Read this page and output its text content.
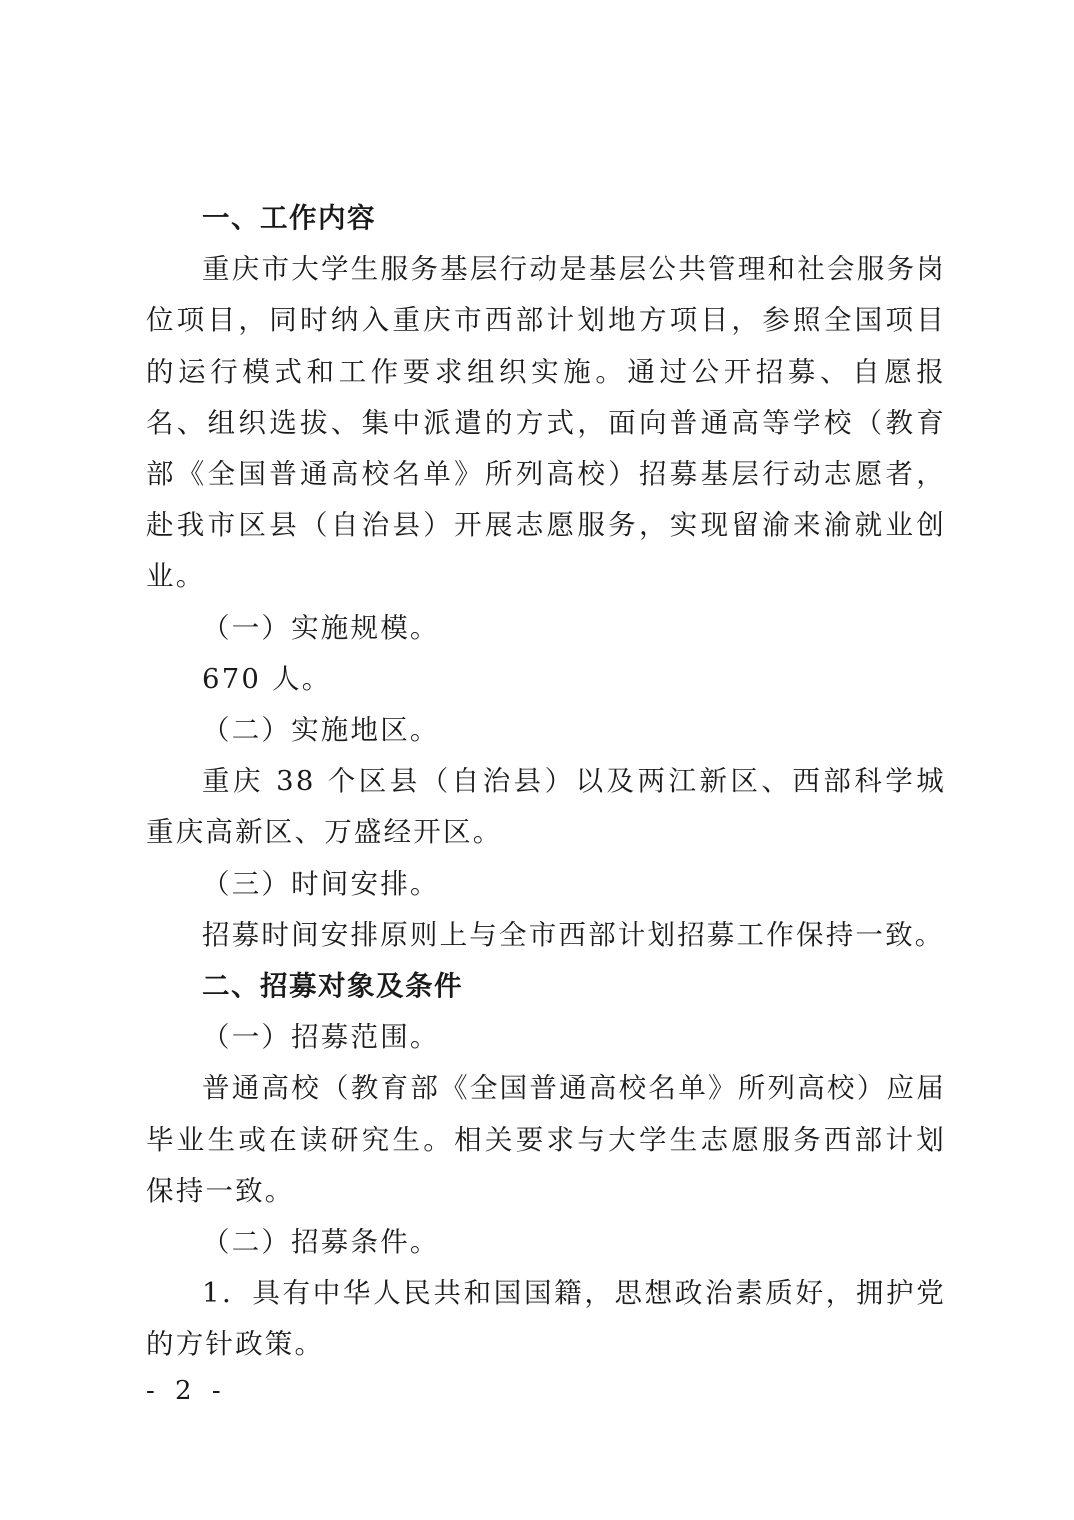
一、工作内容

重庆市大学生服务基层行动是基层公共管理和社会服务岗位项目，同时纳入重庆市西部计划地方项目，参照全国项目的运行模式和工作要求组织实施。通过公开招募、自愿报名、组织选拔、集中派遣的方式，面向普通高等学校（教育部《全国普通高校名单》所列高校）招募基层行动志愿者，赴我市区县（自治县）开展志愿服务，实现留渝来渝就业创业。

（一）实施规模。

670 人。

（二）实施地区。

重庆 38 个区县（自治县）以及两江新区、西部科学城重庆高新区、万盛经开区。

（三）时间安排。

招募时间安排原则上与全市西部计划招募工作保持一致。

二、招募对象及条件

（一）招募范围。

普通高校（教育部《全国普通高校名单》所列高校）应届毕业生或在读研究生。相关要求与大学生志愿服务西部计划保持一致。

（二）招募条件。

1．具有中华人民共和国国籍，思想政治素质好，拥护党的方针政策。

- 2 -
